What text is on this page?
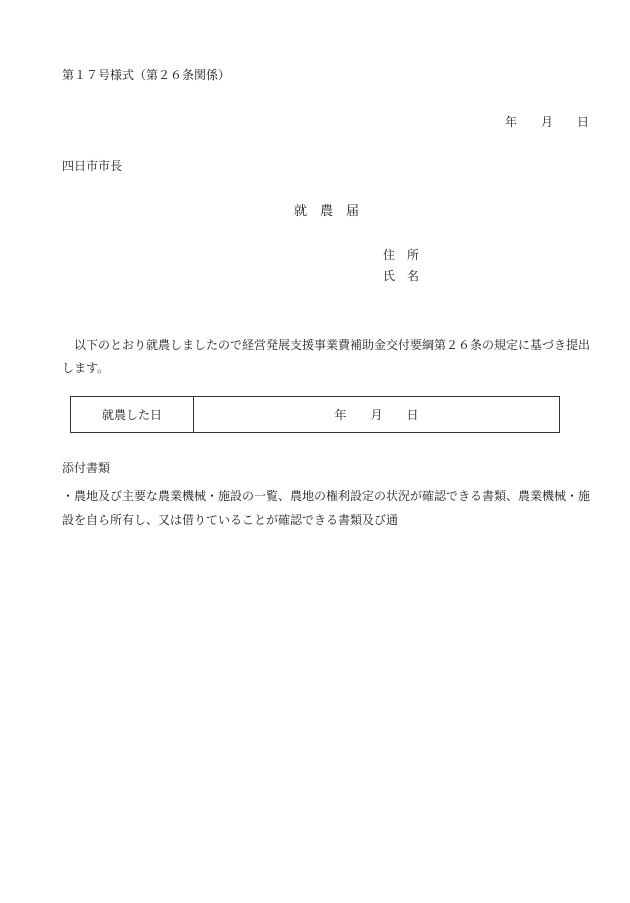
第１７号様式（第２６条関係）
年　　月　　日
四日市市長
就　農　届
住　所
氏　名
　以下のとおり就農しましたので経営発展支援事業費補助金交付要綱第２６条の規定に基づき提出します。
就農した日	年　　月　　日
添付書類
・農地及び主要な農業機械・施設の一覧、農地の権利設定の状況が確認できる書類、農業機械・施設を自ら所有し、又は借りていることが確認できる書類及び通
